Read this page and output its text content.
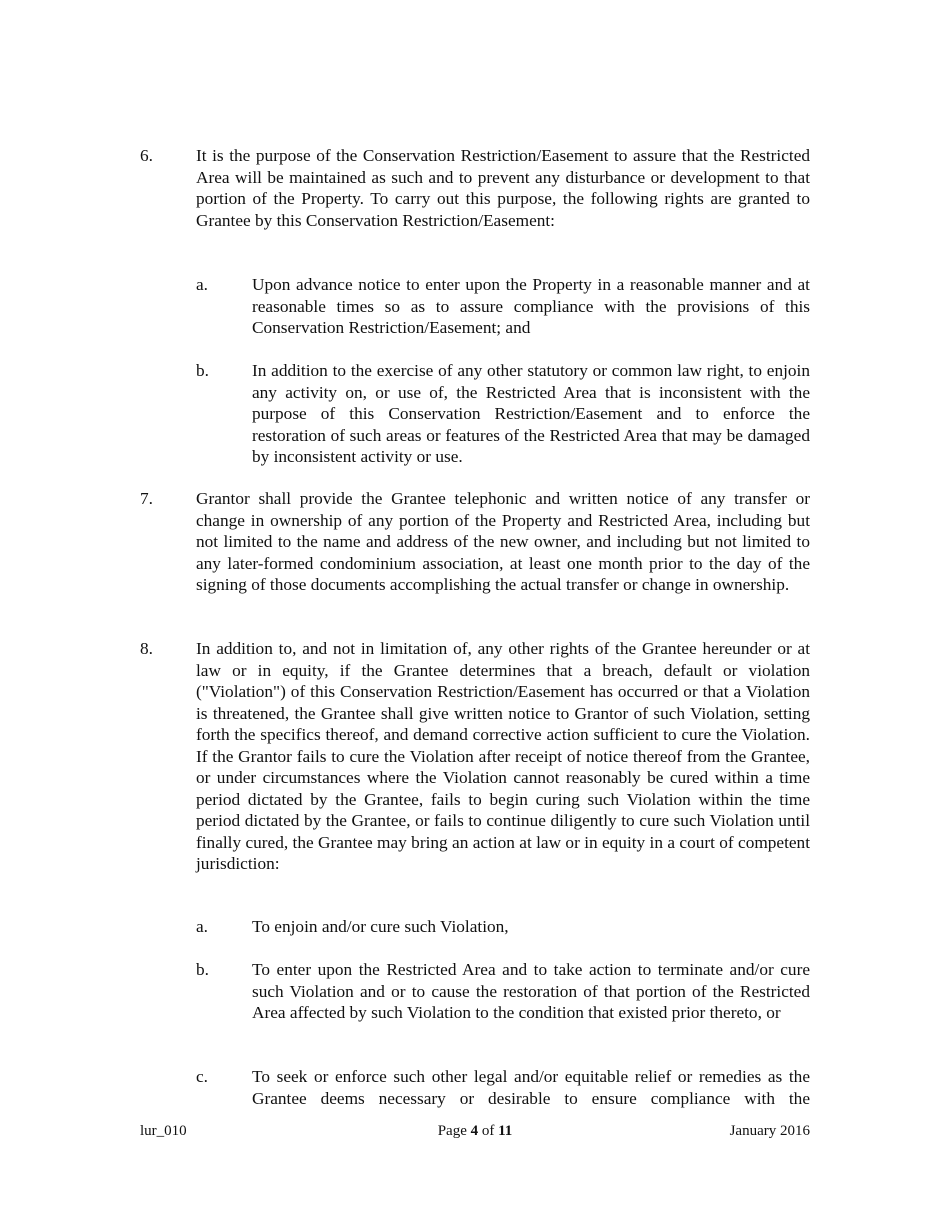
6. It is the purpose of the Conservation Restriction/Easement to assure that the Restricted Area will be maintained as such and to prevent any disturbance or development to that portion of the Property. To carry out this purpose, the following rights are granted to Grantee by this Conservation Restriction/Easement:
a.	Upon advance notice to enter upon the Property in a reasonable manner and at reasonable times so as to assure compliance with the provisions of this Conservation Restriction/Easement; and
b. In addition to the exercise of any other statutory or common law right, to enjoin any activity on, or use of, the Restricted Area that is inconsistent with the purpose of this Conservation Restriction/Easement and to enforce the restoration of such areas or features of the Restricted Area that may be damaged by inconsistent activity or use.
7. Grantor shall provide the Grantee telephonic and written notice of any transfer or change in ownership of any portion of the Property and Restricted Area, including but not limited to the name and address of the new owner, and including but not limited to any later-formed condominium association, at least one month prior to the day of the signing of those documents accomplishing the actual transfer or change in ownership.
8. In addition to, and not in limitation of, any other rights of the Grantee hereunder or at law or in equity, if the Grantee determines that a breach, default or violation ("Violation") of this Conservation Restriction/Easement has occurred or that a Violation is threatened, the Grantee shall give written notice to Grantor of such Violation, setting forth the specifics thereof, and demand corrective action sufficient to cure the Violation. If the Grantor fails to cure the Violation after receipt of notice thereof from the Grantee, or under circumstances where the Violation cannot reasonably be cured within a time period dictated by the Grantee, fails to begin curing such Violation within the time period dictated by the Grantee, or fails to continue diligently to cure such Violation until finally cured, the Grantee may bring an action at law or in equity in a court of competent jurisdiction:
a.	To enjoin and/or cure such Violation,
b. To enter upon the Restricted Area and to take action to terminate and/or cure such Violation and or to cause the restoration of that portion of the Restricted Area affected by such Violation to the condition that existed prior thereto, or
c.	To seek or enforce such other legal and/or equitable relief or remedies as the Grantee deems necessary or desirable to ensure compliance with the
lur_010	Page 4 of 11	January 2016
